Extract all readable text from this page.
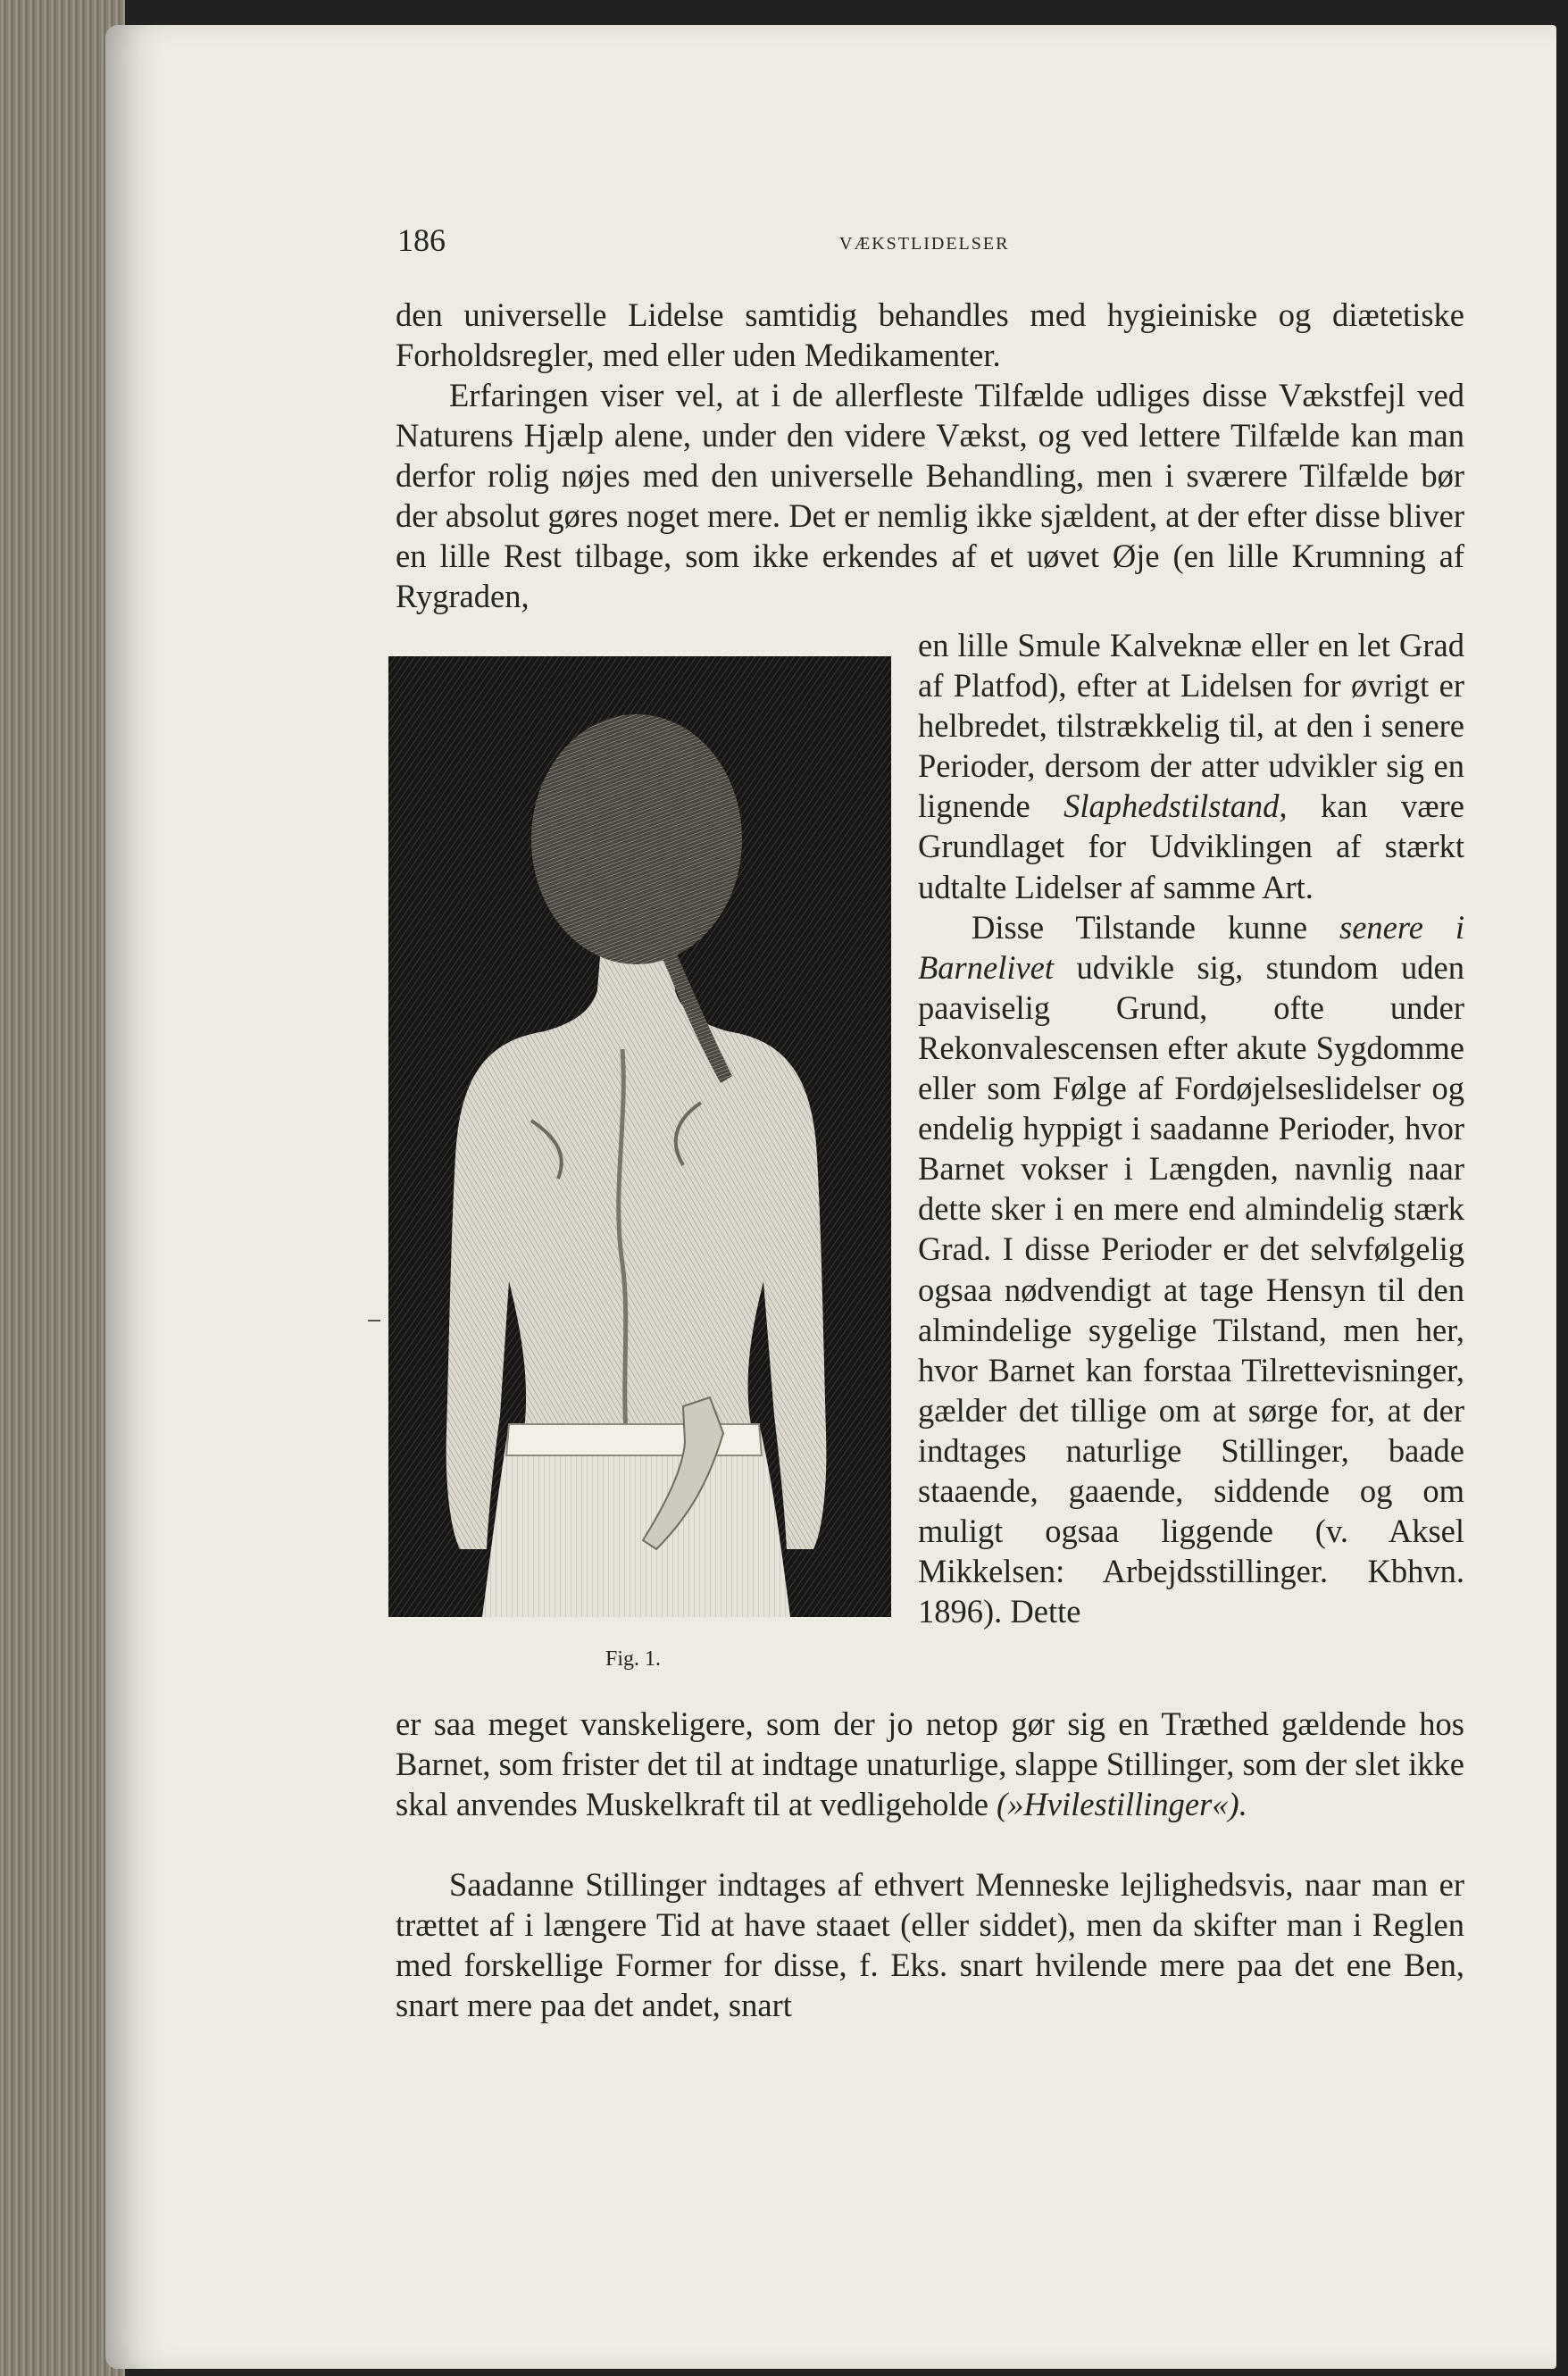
186	VÆKSTLIDELSER

den universelle Lidelse samtidig behandles med hygieiniske og diætetiske Forholdsregler, med eller uden Medikamenter.

Erfaringen viser vel, at i de allerfleste Tilfælde udliges disse Vækstfejl ved Naturens Hjælp alene, under den videre Vækst, og ved lettere Tilfælde kan man derfor rolig nøjes med den universelle Behandling, men i sværere Tilfælde bør der absolut gøres noget mere. Det er nemlig ikke sjældent, at der efter disse bliver en lille Rest tilbage, som ikke erkendes af et uøvet Øje (en lille Krumning af Rygraden,

en lille Smule Kalveknæ eller en let Grad af Platfod), efter at Lidelsen for øvrigt er helbredet, tilstrækkelig til, at den i senere Perioder, dersom der atter udvikler sig en lignende Slaphedstilstand, kan være Grundlaget for Udviklingen af stærkt udtalte Lidelser af samme Art.
Disse Tilstande kunne senere i Barnelivet udvikle sig, stundom uden paaviselig Grund, ofte under Rekonvalescensen efter akute Sygdomme eller som Følge af Fordøjelseslidelser og endelig hyppigt i saadanne Perioder, hvor Barnet vokser i Længden, navnlig naar dette sker i en mere end almindelig stærk Grad. I disse Perioder er det selvfølgelig ogsaa nødvendigt at tage Hensyn til den almindelige sygelige Tilstand, men her, hvor Barnet kan forstaa Tilrettevisninger, gælder det tillige om at sørge for, at der indtages naturlige Stillinger, baade staaende, gaaende, siddende og om muligt ogsaa liggende (v. Aksel Mikkelsen: Arbejdsstillinger. Kbhvn. 1896). Dette

Fig. 1.

er saa meget vanskeligere, som der jo netop gør sig en Træthed gældende hos Barnet, som frister det til at indtage unaturlige, slappe Stillinger, som der slet ikke skal anvendes Muskelkraft til at vedligeholde (»Hvilestillinger«).

Saadanne Stillinger indtages af ethvert Menneske lejlighedsvis, naar man er trættet af i længere Tid at have staaet (eller siddet), men da skifter man i Reglen med forskellige Former for disse, f. Eks. snart hvilende mere paa det ene Ben, snart mere paa det andet, snart
